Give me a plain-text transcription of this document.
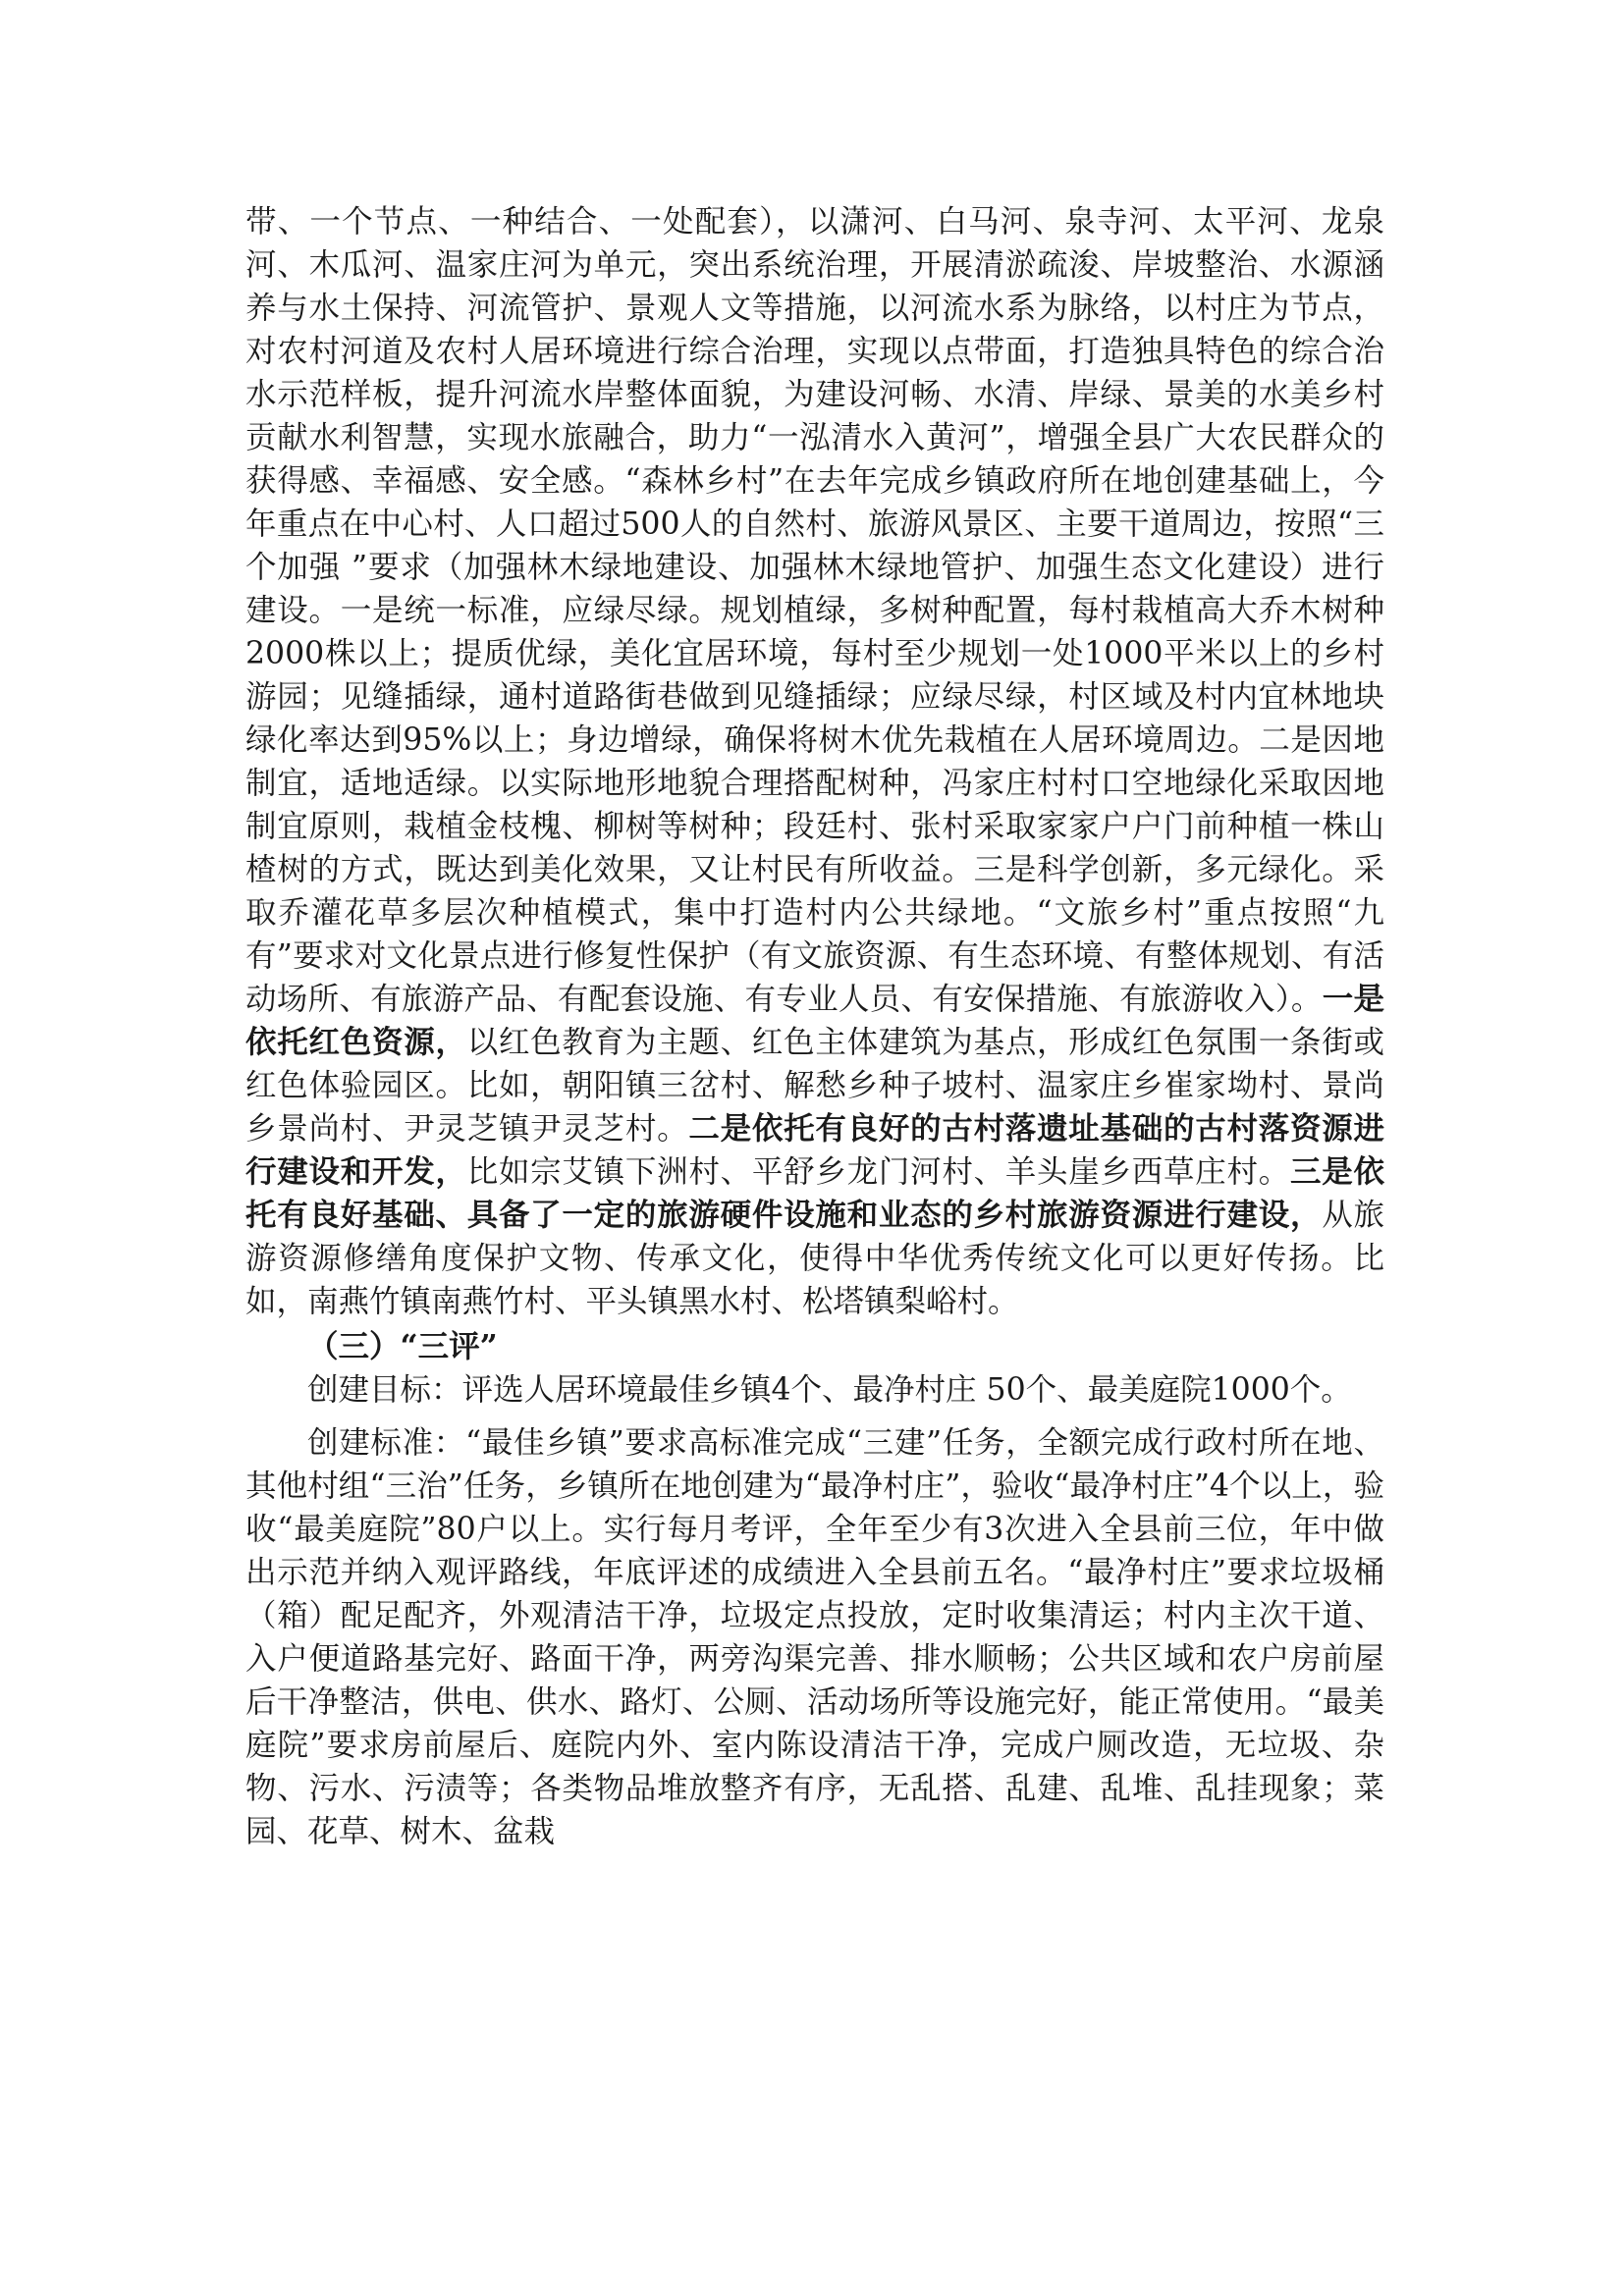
带、一个节点、一种结合、一处配套），以潇河、白马河、泉寺河、太平河、龙泉河、木瓜河、温家庄河为单元，突出系统治理，开展清淤疏浚、岸坡整治、水源涵养与水土保持、河流管护、景观人文等措施，以河流水系为脉络，以村庄为节点，对农村河道及农村人居环境进行综合治理，实现以点带面，打造独具特色的综合治水示范样板，提升河流水岸整体面貌，为建设河畅、水清、岸绿、景美的水美乡村贡献水利智慧，实现水旅融合，助力“一泓清水入黄河”，增强全县广大农民群众的获得感、幸福感、安全感。“森林乡村”在去年完成乡镇政府所在地创建基础上，今年重点在中心村、人口超过500人的自然村、旅游风景区、主要干道周边，按照“三个加强 ”要求（加强林木绿地建设、加强林木绿地管护、加强生态文化建设）进行建设。一是统一标准，应绿尽绿。规划植绿，多树种配置，每村栽植高大乔木树种2000株以上；提质优绿，美化宜居环境，每村至少规划一处1000平米以上的乡村游园；见缝插绿，通村道路街巷做到见缝插绿；应绿尽绿，村区域及村内宜林地块绿化率达到95%以上；身边增绿，确保将树木优先栽植在人居环境周边。二是因地制宜，适地适绿。以实际地形地貌合理搭配树种，冯家庄村村口空地绿化采取因地制宜原则，栽植金枝槐、柳树等树种；段廷村、张村采取家家户户门前种植一株山楂树的方式，既达到美化效果，又让村民有所收益。三是科学创新，多元绿化。采取乔灌花草多层次种植模式，集中打造村内公共绿地。“文旅乡村”重点按照“九有”要求对文化景点进行修复性保护（有文旅资源、有生态环境、有整体规划、有活动场所、有旅游产品、有配套设施、有专业人员、有安保措施、有旅游收入）。一是依托红色资源，以红色教育为主题、红色主体建筑为基点，形成红色氛围一条街或红色体验园区。比如，朝阳镇三岔村、解愁乡种子坡村、温家庄乡崔家坳村、景尚乡景尚村、尹灵芝镇尹灵芝村。二是依托有良好的古村落遗址基础的古村落资源进行建设和开发，比如宗艾镇下洲村、平舒乡龙门河村、羊头崖乡西草庄村。三是依托有良好基础、具备了一定的旅游硬件设施和业态的乡村旅游资源进行建设，从旅游资源修缮角度保护文物、传承文化，使得中华优秀传统文化可以更好传扬。比如，南燕竹镇南燕竹村、平头镇黑水村、松塔镇梨峪村。

（三）“三评”

创建目标：评选人居环境最佳乡镇4个、最净村庄 50个、最美庭院1000个。

创建标准：“最佳乡镇”要求高标准完成“三建”任务，全额完成行政村所在地、其他村组“三治”任务，乡镇所在地创建为“最净村庄”，验收“最净村庄”4个以上，验收“最美庭院”80户以上。实行每月考评，全年至少有3次进入全县前三位，年中做出示范并纳入观评路线，年底评述的成绩进入全县前五名。“最净村庄”要求垃圾桶（箱）配足配齐，外观清洁干净，垃圾定点投放，定时收集清运；村内主次干道、入户便道路基完好、路面干净，两旁沟渠完善、排水顺畅；公共区域和农户房前屋后干净整洁，供电、供水、路灯、公厕、活动场所等设施完好，能正常使用。“最美庭院”要求房前屋后、庭院内外、室内陈设清洁干净，完成户厕改造，无垃圾、杂物、污水、污渍等；各类物品堆放整齐有序，无乱搭、乱建、乱堆、乱挂现象；菜园、花草、树木、盆栽
